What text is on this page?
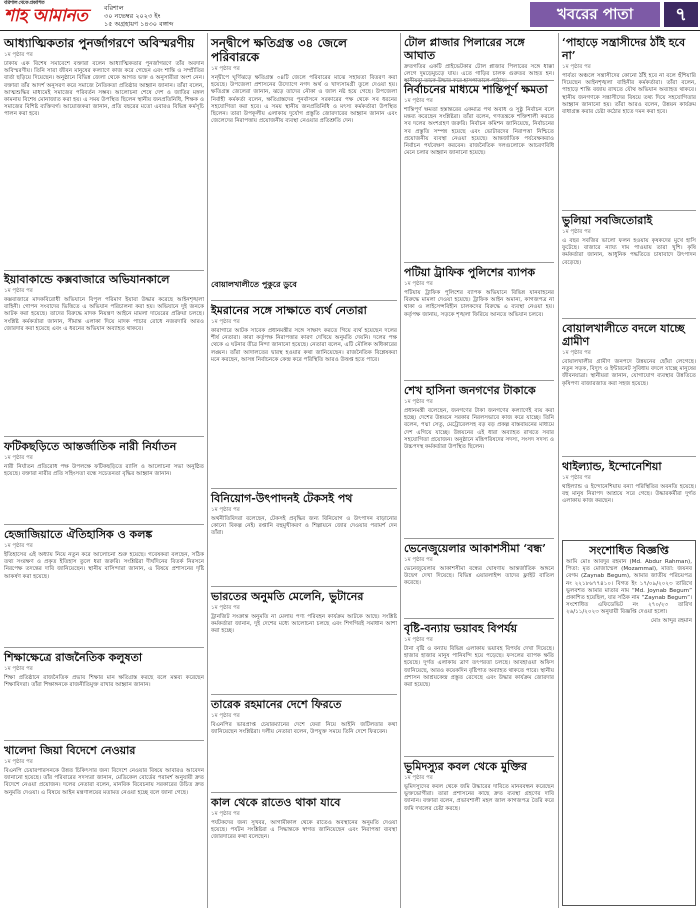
বরিশাল থেকে প্রকাশিত
শাহ আমানত	বরিশাল
৩০ নভেম্বর ২০২৩ ইং
১৫ অগ্রহায়ণ ১৪৩০ বঙ্গাব্দ
খবরের পাতা	৭
আধ্যাত্মিকতার পুনর্জাগরণে অবিস্মরণীয়
১ম পৃষ্ঠার পর
ঢাকায় এক বিশেষ সমাবেশে বক্তারা বলেন আধ্যাত্মিকতার পুনর্জাগরণে তাঁর অবদান অবিস্মরণীয়। তিনি সারা জীবন মানুষের কল্যাণে কাজ করে গেছেন এবং শান্তি ও সম্প্রীতির বার্তা ছড়িয়ে দিয়েছেন। অনুষ্ঠানে বিভিন্ন জেলা থেকে আগত ভক্ত ও অনুসারীরা অংশ নেন। বক্তারা তাঁর আদর্শ অনুসরণ করে সমাজে নৈতিকতা প্রতিষ্ঠার আহ্বান জানান। তাঁরা বলেন, আত্মশুদ্ধির মাধ্যমেই সমাজের পরিবর্তন সম্ভব। আলোচনা শেষে দেশ ও জাতির মঙ্গল কামনায় বিশেষ মোনাজাত করা হয়। এ সময় উপস্থিত ছিলেন স্থানীয় জনপ্রতিনিধি, শিক্ষক ও সমাজের বিশিষ্ট ব্যক্তিবর্গ। আয়োজকরা জানান, প্রতি বছরের মতো এবারও বিভিন্ন কর্মসূচি পালন করা হবে।
ইয়াবাকান্ডে কক্সবাজারে অভিযানকালে
১ম পৃষ্ঠার পর
কক্সবাজারে মাদকবিরোধী অভিযানে বিপুল পরিমাণ ইয়াবা উদ্ধার করেছে আইনশৃঙ্খলা বাহিনী। গোপন সংবাদের ভিত্তিতে এ অভিযান পরিচালনা করা হয়। অভিযানে দুই জনকে আটক করা হয়েছে। তাদের বিরুদ্ধে মাদক নিয়ন্ত্রণ আইনে মামলা দায়েরের প্রক্রিয়া চলছে। সংশ্লিষ্ট কর্মকর্তারা জানান, সীমান্ত এলাকা দিয়ে মাদক পাচার রোধে নজরদারি আরও জোরদার করা হয়েছে এবং এ ধরনের অভিযান অব্যাহত থাকবে।
ফটিকছড়িতে আন্তর্জাতিক নারী নির্যাতন
১ম পৃষ্ঠার পর
নারী নির্যাতন প্রতিরোধ পক্ষ উপলক্ষে ফটিকছড়িতে র‍্যালি ও আলোচনা সভা অনুষ্ঠিত হয়েছে। বক্তারা নারীর প্রতি সহিংসতা বন্ধে সচেতনতা বৃদ্ধির আহ্বান জানান।
হেজাজিয়াতে ঐতিহাসিক ও কলঙ্ক
১ম পৃষ্ঠার পর
ইতিহাসের এই অধ্যায় নিয়ে নতুন করে আলোচনা শুরু হয়েছে। গবেষকরা বলছেন, সঠিক তথ্য সংরক্ষণ ও প্রকৃত ইতিহাস তুলে ধরা জরুরি। সংশ্লিষ্টরা দীর্ঘদিনের বিতর্ক নিরসনে নিরপেক্ষ তদন্তের দাবি জানিয়েছেন। স্থানীয় বাসিন্দারা জানান, এ বিষয়ে প্রশাসনের দৃষ্টি আকর্ষণ করা হয়েছে।
শিক্ষাক্ষেত্রে রাজনৈতিক কলুষতা
১ম পৃষ্ঠার পর
শিক্ষা প্রতিষ্ঠানে রাজনৈতিক প্রভাব শিক্ষার মান ক্ষতিগ্রস্ত করছে বলে মন্তব্য করেছেন শিক্ষাবিদরা। তাঁরা শিক্ষাঙ্গনকে রাজনীতিমুক্ত রাখার আহ্বান জানান।
খালেদা জিয়া বিদেশে নেওয়ার
১ম পৃষ্ঠার পর
বিএনপি চেয়ারপারসনকে উন্নত চিকিৎসার জন্য বিদেশে নেওয়ার বিষয়ে আবারও আবেদন জানানো হয়েছে। তাঁর পরিবারের সদস্যরা জানান, মেডিকেল বোর্ডের পরামর্শ অনুযায়ী দ্রুত বিদেশে নেওয়া প্রয়োজন। দলের নেতারা বলেন, মানবিক বিবেচনায় সরকারের উচিত দ্রুত অনুমতি দেওয়া। এ বিষয়ে আইন মন্ত্রণালয়ের মতামত নেওয়া হচ্ছে বলে জানা গেছে।
সন্দ্বীপে ক্ষতিগ্রস্ত ৩৪ জেলে পরিবারকে
১ম পৃষ্ঠার পর
সন্দ্বীপে ঘূর্ণিঝড়ে ক্ষতিগ্রস্ত ৩৪টি জেলে পরিবারের মাঝে সহায়তা বিতরণ করা হয়েছে। উপজেলা প্রশাসনের উদ্যোগে নগদ অর্থ ও খাদ্যসামগ্রী তুলে দেওয়া হয়। ক্ষতিগ্রস্ত জেলেরা জানান, ঝড়ে তাদের নৌকা ও জাল নষ্ট হয়ে গেছে। উপজেলা নির্বাহী কর্মকর্তা বলেন, ক্ষতিগ্রস্তদের পুনর্বাসনে সরকারের পক্ষ থেকে সব ধরনের সহযোগিতা করা হবে। এ সময় স্থানীয় জনপ্রতিনিধি ও মৎস্য কর্মকর্তারা উপস্থিত ছিলেন। তারা উপকূলীয় এলাকায় দুর্যোগ প্রস্তুতি জোরদারের আহ্বান জানান এবং জেলেদের নিরাপত্তায় প্রয়োজনীয় ব্যবস্থা নেওয়ার প্রতিশ্রুতি দেন।
ইমরানের সঙ্গে সাক্ষাতে ব্যর্থ নেতারা
১ম পৃষ্ঠার পর
কারাগারে আটক সাবেক প্রধানমন্ত্রীর সঙ্গে সাক্ষাৎ করতে গিয়ে ব্যর্থ হয়েছেন দলের শীর্ষ নেতারা। কারা কর্তৃপক্ষ নিরাপত্তার কারণ দেখিয়ে অনুমতি দেয়নি। দলের পক্ষ থেকে এ ঘটনার তীব্র নিন্দা জানানো হয়েছে। নেতারা বলেন, এটি মৌলিক অধিকারের লঙ্ঘন। তাঁরা আদালতের দ্বারস্থ হওয়ার কথা জানিয়েছেন। রাজনৈতিক বিশ্লেষকরা মনে করছেন, আসন্ন নির্বাচনকে কেন্দ্র করে পরিস্থিতি আরও উত্তপ্ত হতে পারে।
বিনিয়োগ-উৎপাদনই টেকসই পথ
১ম পৃষ্ঠার পর
অর্থনীতিবিদরা বলেছেন, টেকসই প্রবৃদ্ধির জন্য বিনিয়োগ ও উৎপাদন বাড়ানোর কোনো বিকল্প নেই। রপ্তানি বহুমুখীকরণ ও শিল্পায়নে জোর দেওয়ার পরামর্শ দেন তাঁরা।
ভারতের অনুমতি মেলেনি, ভুটানের
১ম পৃষ্ঠার পর
ট্রানজিট সংক্রান্ত অনুমতি না মেলায় পণ্য পরিবহন কার্যক্রম আটকে আছে। সংশ্লিষ্ট কর্মকর্তারা জানান, দুই দেশের মধ্যে আলোচনা চলছে এবং শিগগিরই সমাধান আশা করা হচ্ছে।
তারেক রহমানের দেশে ফিরতে
১ম পৃষ্ঠার পর
বিএনপির ভারপ্রাপ্ত চেয়ারম্যানের দেশে ফেরা নিয়ে আইনি জটিলতার কথা জানিয়েছেন সংশ্লিষ্টরা। দলীয় নেতারা বলেন, উপযুক্ত সময়ে তিনি দেশে ফিরবেন।
কাল থেকে রাতেও থাকা যাবে
১ম পৃষ্ঠার পর
পর্যটকদের জন্য সুখবর, আগামীকাল থেকে রাতেও অবস্থানের অনুমতি দেওয়া হয়েছে। পর্যটন সংশ্লিষ্টরা এ সিদ্ধান্তকে স্বাগত জানিয়েছেন এবং নিরাপত্তা ব্যবস্থা জোরদারের কথা বলেছেন।
টোল প্লাজার পিলারের সঙ্গে আঘাত
দ্রুতগতির একটি প্রাইভেটকার টোল প্লাজার পিলারের সঙ্গে ধাক্কা লেগে দুমড়েমুচড়ে যায়। এতে গাড়ির চালক গুরুতর আহত হন। স্থানীয়রা তাকে উদ্ধার করে হাসপাতালে পাঠায়।
নির্বাচনের মাধ্যমে শান্তিপূর্ণ ক্ষমতা
১ম পৃষ্ঠার পর
শান্তিপূর্ণ ক্ষমতা হস্তান্তরের একমাত্র পথ অবাধ ও সুষ্ঠু নির্বাচন বলে মন্তব্য করেছেন সংশ্লিষ্টরা। তাঁরা বলেন, গণতন্ত্রকে শক্তিশালী করতে সব দলের অংশগ্রহণ জরুরি। নির্বাচন কমিশন জানিয়েছে, নির্বাচনের সব প্রস্তুতি সম্পন্ন হয়েছে এবং ভোটারদের নিরাপত্তা নিশ্চিতে প্রয়োজনীয় ব্যবস্থা নেওয়া হয়েছে। আন্তর্জাতিক পর্যবেক্ষকরাও নির্বাচন পর্যবেক্ষণ করবেন। রাজনৈতিক দলগুলোকে আচরণবিধি মেনে চলার আহ্বান জানানো হয়েছে।
পটিয়া ট্রাফিক পুলিশের ব্যাপক
১ম পৃষ্ঠার পর
পটিয়ায় ট্রাফিক পুলিশের ব্যাপক অভিযানে বিভিন্ন যানবাহনের বিরুদ্ধে মামলা দেওয়া হয়েছে। ট্রাফিক আইন অমান্য, কাগজপত্র না থাকা ও লাইসেন্সবিহীন চালকদের বিরুদ্ধে এ ব্যবস্থা নেওয়া হয়। কর্তৃপক্ষ জানায়, সড়কে শৃঙ্খলা ফিরিয়ে আনতে অভিযান চলবে।
শেখ হাসিনা জনগণের টাকাকে
১ম পৃষ্ঠার পর
প্রধানমন্ত্রী বলেছেন, জনগণের টাকা জনগণের কল্যাণেই ব্যয় করা হচ্ছে। দেশের উন্নয়নে সরকার নিরলসভাবে কাজ করে যাচ্ছে। তিনি বলেন, পদ্মা সেতু, মেট্রোরেলসহ বড় বড় প্রকল্প বাস্তবায়নের মাধ্যমে দেশ এগিয়ে যাচ্ছে। উন্নয়নের এই ধারা অব্যাহত রাখতে সবার সহযোগিতা প্রয়োজন। অনুষ্ঠানে মন্ত্রিপরিষদের সদস্য, সংসদ সদস্য ও উচ্চপদস্থ কর্মকর্তারা উপস্থিত ছিলেন।
ভেনেজুয়েলার আকাশসীমা ‘বন্ধ’
১ম পৃষ্ঠার পর
ভেনেজুয়েলার আকাশসীমা বন্ধের ঘোষণায় আন্তর্জাতিক অঙ্গনে উদ্বেগ দেখা দিয়েছে। বিভিন্ন এয়ারলাইন্স তাদের ফ্লাইট বাতিল করেছে।
বৃষ্টি-বন্যায় ভয়াবহ বিপর্যয়
১ম পৃষ্ঠার পর
টানা বৃষ্টি ও বন্যায় বিভিন্ন এলাকায় ভয়াবহ বিপর্যয় দেখা দিয়েছে। হাজার হাজার মানুষ পানিবন্দি হয়ে পড়েছে। ফসলের ব্যাপক ক্ষতি হয়েছে। দুর্গত এলাকায় ত্রাণ তৎপরতা চলছে। আবহাওয়া অফিস জানিয়েছে, আরও কয়েকদিন বৃষ্টিপাত অব্যাহত থাকতে পারে। স্থানীয় প্রশাসন আশ্রয়কেন্দ্র প্রস্তুত রেখেছে এবং উদ্ধার কার্যক্রম জোরদার করা হয়েছে।
ভূমিদস্যুর কবল থেকে মুক্তির
১ম পৃষ্ঠার পর
ভূমিদস্যুদের কবল থেকে জমি উদ্ধারের দাবিতে মানববন্ধন করেছেন ভুক্তভোগীরা। তারা প্রশাসনের কাছে দ্রুত ব্যবস্থা গ্রহণের দাবি জানান। বক্তারা বলেন, প্রভাবশালী মহল জাল কাগজপত্র তৈরি করে জমি দখলের চেষ্টা করছে।
‘পাহাড়ে সন্ত্রাসীদের ঠাঁই হবে না’
১ম পৃষ্ঠার পর
পার্বত্য অঞ্চলে সন্ত্রাসীদের কোনো ঠাঁই হবে না বলে হুঁশিয়ারি দিয়েছেন আইনশৃঙ্খলা বাহিনীর কর্মকর্তারা। তাঁরা বলেন, পাহাড়ে শান্তি বজায় রাখতে যৌথ অভিযান অব্যাহত থাকবে। স্থানীয় জনগণকে সন্ত্রাসীদের বিষয়ে তথ্য দিয়ে সহযোগিতার আহ্বান জানানো হয়। তাঁরা আরও বলেন, উন্নয়ন কার্যক্রম বাধাগ্রস্ত করার চেষ্টা কঠোর হাতে দমন করা হবে।
ভুলিয়া সবজিতোরাই
১ম পৃষ্ঠার পর
এ বছর সবজির ভালো ফলন হওয়ায় কৃষকদের মুখে হাসি ফুটেছে। বাজারে ন্যায্য দাম পাওয়ায় তারা খুশি। কৃষি কর্মকর্তারা জানান, আধুনিক পদ্ধতিতে চাষাবাদে উৎপাদন বেড়েছে।
বোয়ালখালীতে বদলে যাচ্ছে গ্রামীণ
১ম পৃষ্ঠার পর
বোয়ালখালীর গ্রামীণ জনপদে উন্নয়নের ছোঁয়া লেগেছে। নতুন সড়ক, বিদ্যুৎ ও ইন্টারনেট সুবিধায় বদলে যাচ্ছে মানুষের জীবনযাত্রা। স্থানীয়রা জানান, যোগাযোগ ব্যবস্থার উন্নতিতে কৃষিপণ্য বাজারজাত করা সহজ হয়েছে।
থাইল্যান্ড, ইন্দোনেশিয়া
১ম পৃষ্ঠার পর
থাইল্যান্ড ও ইন্দোনেশিয়ায় বন্যা পরিস্থিতির অবনতি হয়েছে। বহু মানুষ নিরাপদ আশ্রয়ে সরে গেছে। উদ্ধারকর্মীরা দুর্গত এলাকায় কাজ করছেন।
সংশোধিত বিজ্ঞপ্তি
আমি মোঃ আবদুর রহমান (Md. Abdur Rahman), পিতা: মৃত মোজাম্মেল (Mozammal), মাতা: জয়নব বেগম (Zaynab Begum), আমার জাতীয় পরিচয়পত্র নং ২২১৮৬৭৭৪১০। বিগত ইং ১৭/০৯/২০২৩ তারিখে ভুলবশত আমার মাতার নাম “Md. Joynab Begum” প্রকাশিত হয়েছিল, যার সঠিক নাম “Zaynab Begum”। সংশোধিত এফিডেভিট নং ২৭০/২৩ তারিখ ২৬/১১/২০২৩ অনুযায়ী বিজ্ঞপ্তি দেওয়া হলো।
মোঃ আব্দুর রহমান
বোয়ালখালীতে পুকুরে ডুবে
